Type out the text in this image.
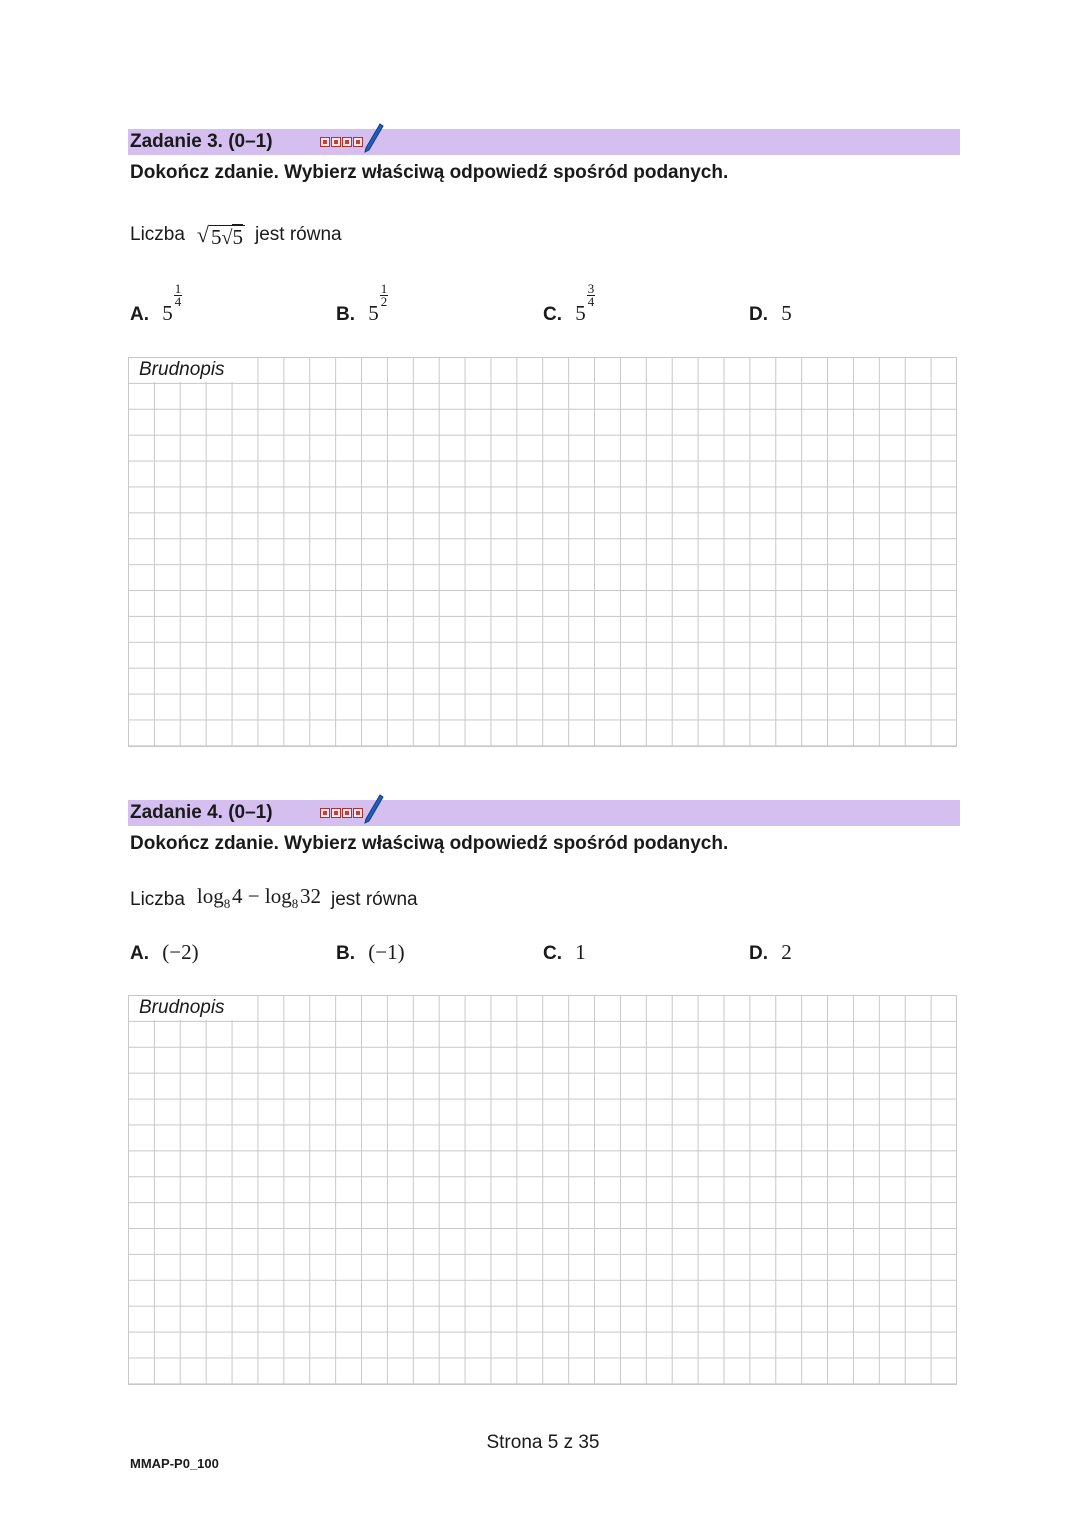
Zadanie 3. (0–1)
Dokończ zdanie. Wybierz właściwą odpowiedź spośród podanych.
Liczba √ 5√5 jest równa
A. 5
$\frac{1}{4}$
B. 5
$\frac{1}{2}$
C. 5
$\frac{3}{4}$
D. 5
Brudnopis
Zadanie 4. (0–1)
Dokończ zdanie. Wybierz właściwą odpowiedź spośród podanych.
Liczba $\log_8$ $4 - \log_8$ 32 jest równa
A. (−2)	B. (−1)	C. 1	D. 2
Brudnopis
Strona 5 z 35
MMAP-P0_100
